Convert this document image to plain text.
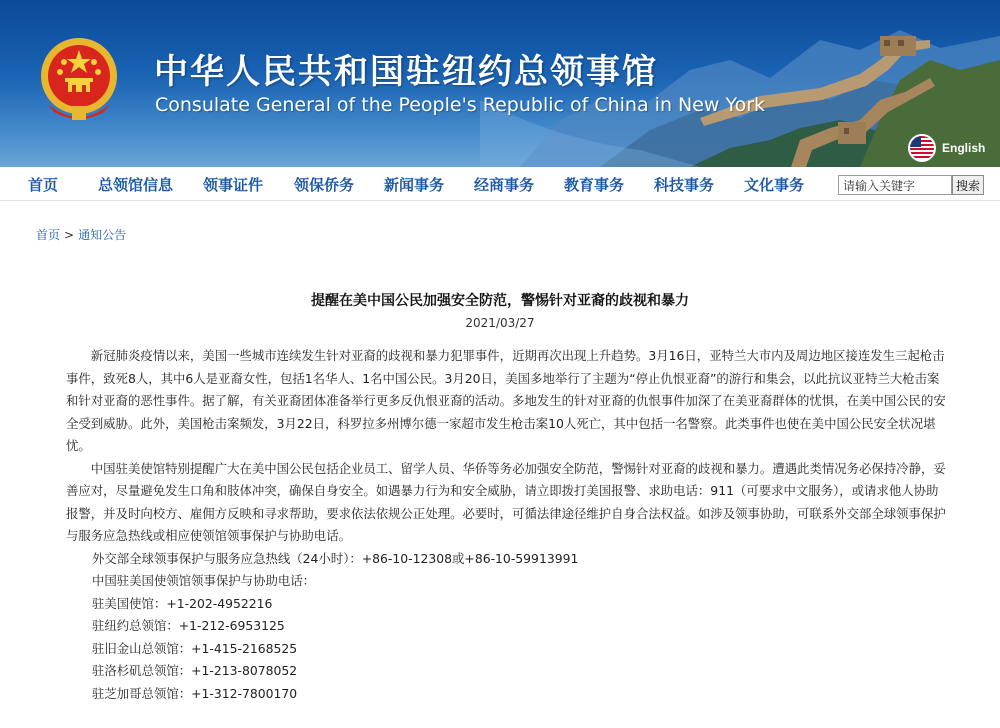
中华人民共和国驻纽约总领事馆
Consulate General of the People's Republic of China in New York
English
首页	总领馆信息 领事证件 领保侨务 新闻事务 经商事务 教育事务 科技事务 文化事务
请输入关键字	搜索
首页 > 通知公告
提醒在美中国公民加强安全防范，警惕针对亚裔的歧视和暴力
2021/03/27

新冠肺炎疫情以来，美国一些城市连续发生针对亚裔的歧视和暴力犯罪事件，近期再次出现上升趋势。3月16日，亚特兰大市内及周边地区接连发生三起枪击事件，致死8人，其中6人是亚裔女性，包括1名华人、1名中国公民。3月20日，美国多地举行了主题为“停止仇恨亚裔”的游行和集会，以此抗议亚特兰大枪击案和针对亚裔的恶性事件。据了解，有关亚裔团体准备举行更多反仇恨亚裔的活动。多地发生的针对亚裔的仇恨事件加深了在美亚裔群体的忧惧，在美中国公民的安全受到威胁。此外，美国枪击案频发，3月22日，科罗拉多州博尔德一家超市发生枪击案10人死亡，其中包括一名警察。此类事件也使在美中国公民安全状况堪忧。

中国驻美使馆特别提醒广大在美中国公民包括企业员工、留学人员、华侨等务必加强安全防范，警惕针对亚裔的歧视和暴力。遭遇此类情况务必保持冷静，妥善应对，尽量避免发生口角和肢体冲突，确保自身安全。如遇暴力行为和安全威胁，请立即拨打美国报警、求助电话：911（可要求中文服务），或请求他人协助报警，并及时向校方、雇佣方反映和寻求帮助，要求依法依规公正处理。必要时，可循法律途径维护自身合法权益。如涉及领事协助，可联系外交部全球领事保护与服务应急热线或相应使领馆领事保护与协助电话。

外交部全球领事保护与服务应急热线（24小时）：+86-10-12308或+86-10-59913991

中国驻美国使领馆领事保护与协助电话：

驻美国使馆：+1-202-4952216

驻纽约总领馆：+1-212-6953125

驻旧金山总领馆：+1-415-2168525

驻洛杉矶总领馆：+1-213-8078052

驻芝加哥总领馆：+1-312-7800170
